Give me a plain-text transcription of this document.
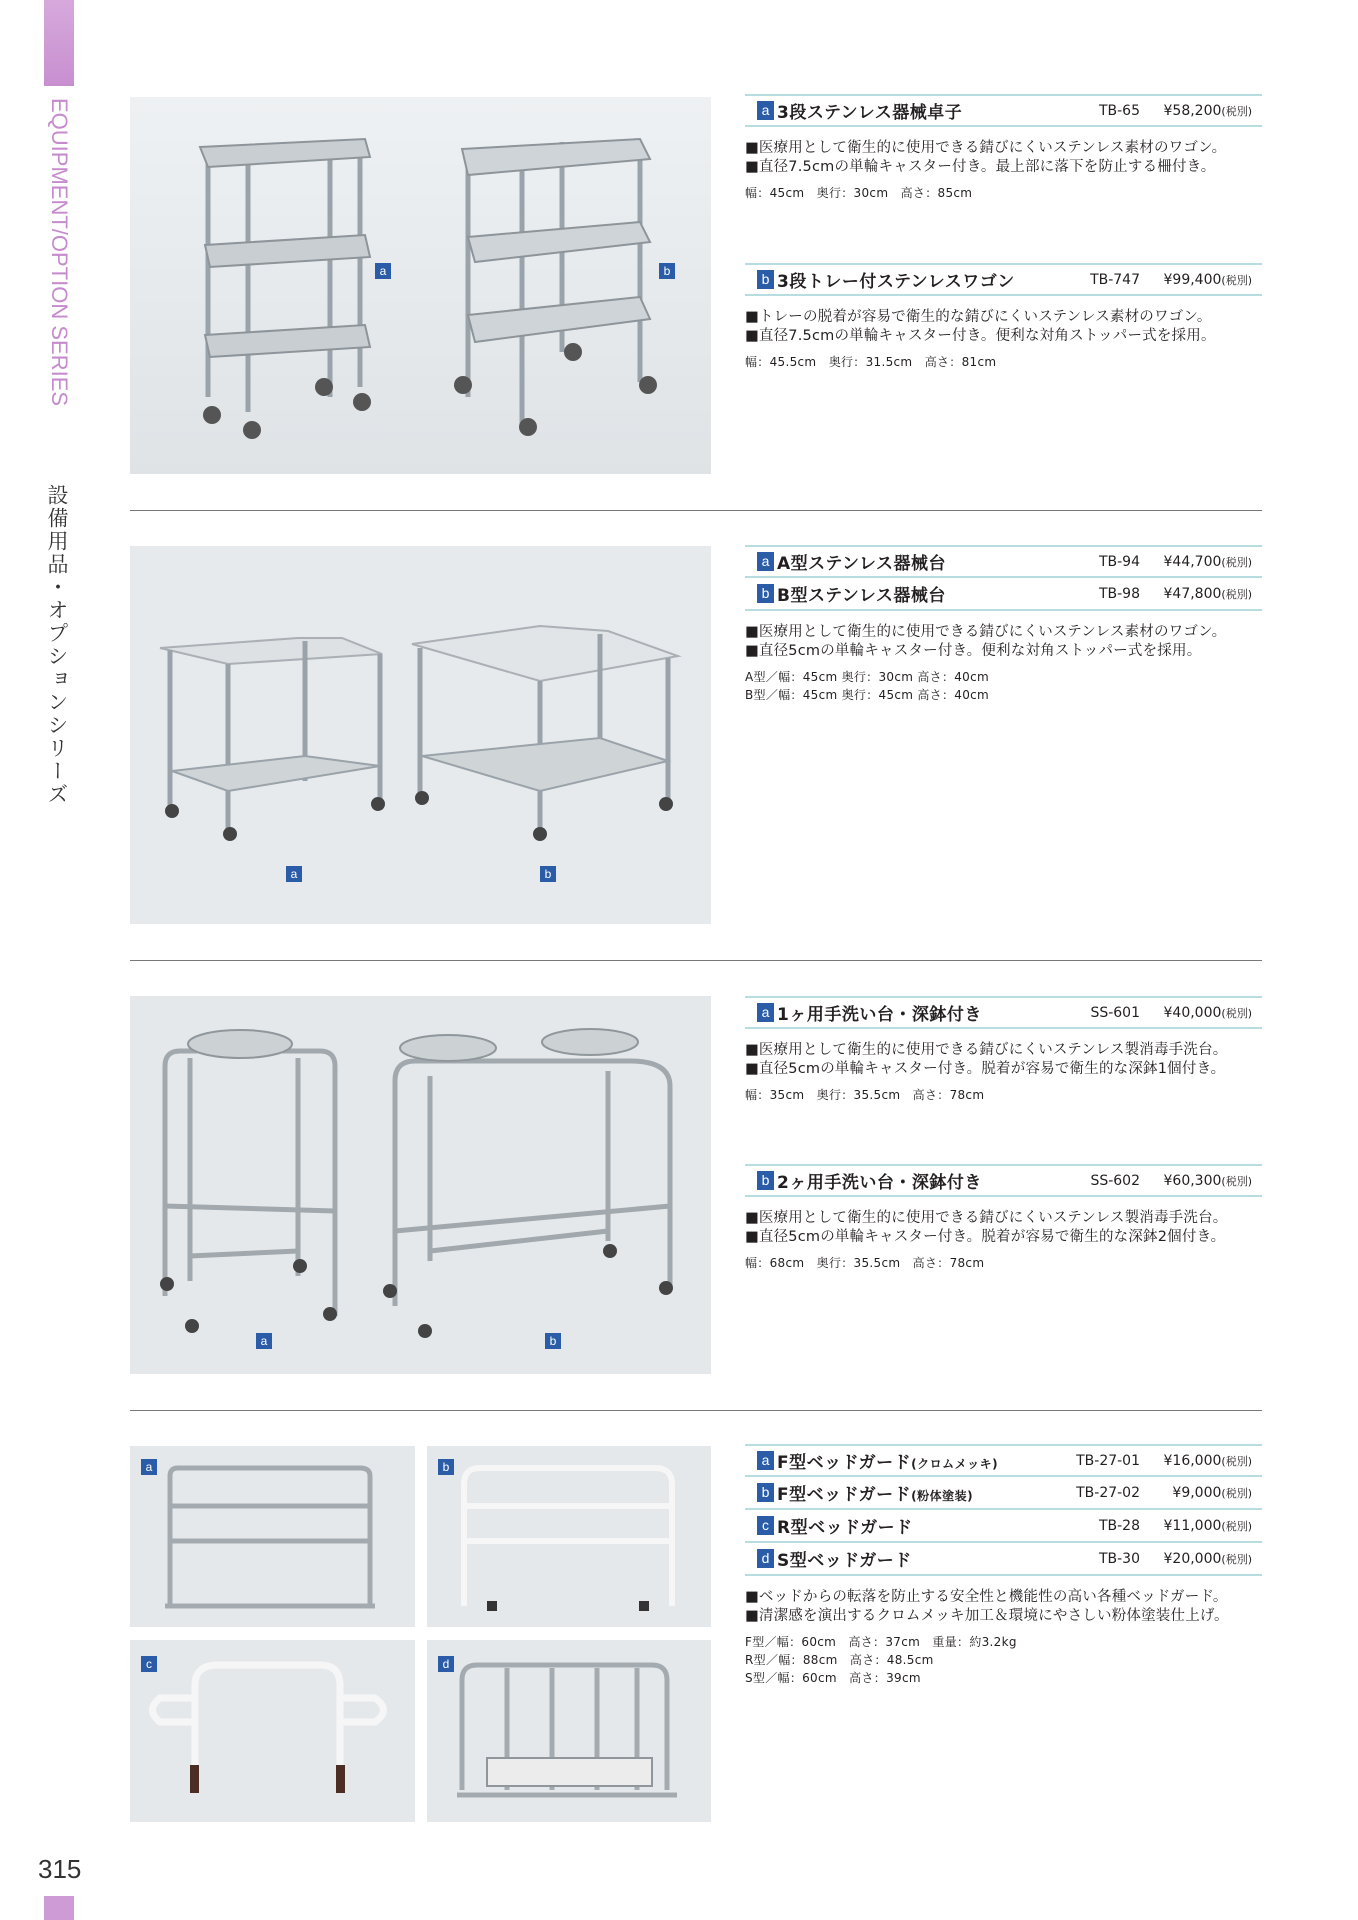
EQUIPMENT/OPTION SERIES
設備用品・オプションシリーズ
315
a	b
a 3段ステンレス器械卓子	TB-65 ¥58,200(税別)
■医療用として衛生的に使用できる錆びにくいステンレス素材のワゴン。
■直径7.5cmの単輪キャスター付き。最上部に落下を防止する柵付き。
幅：45cm　奥行：30cm　高さ：85cm
b 3段トレー付ステンレスワゴン	TB-747 ¥99,400(税別)
■トレーの脱着が容易で衛生的な錆びにくいステンレス素材のワゴン。
■直径7.5cmの単輪キャスター付き。便利な対角ストッパー式を採用。
幅：45.5cm　奥行：31.5cm　高さ：81cm
a	b
a A型ステンレス器械台	TB-94 ¥44,700(税別)
b B型ステンレス器械台	TB-98 ¥47,800(税別)
■医療用として衛生的に使用できる錆びにくいステンレス素材のワゴン。
■直径5cmの単輪キャスター付き。便利な対角ストッパー式を採用。
A型／幅：45cm 奥行：30cm 高さ：40cm
B型／幅：45cm 奥行：45cm 高さ：40cm
a	b
a 1ヶ用手洗い台・深鉢付き	SS-601 ¥40,000(税別)
■医療用として衛生的に使用できる錆びにくいステンレス製消毒手洗台。
■直径5cmの単輪キャスター付き。脱着が容易で衛生的な深鉢1個付き。
幅：35cm　奥行：35.5cm　高さ：78cm
b 2ヶ用手洗い台・深鉢付き	SS-602 ¥60,300(税別)
■医療用として衛生的に使用できる錆びにくいステンレス製消毒手洗台。
■直径5cmの単輪キャスター付き。脱着が容易で衛生的な深鉢2個付き。
幅：68cm　奥行：35.5cm　高さ：78cm
a	b
c	d
a F型ベッドガード(クロムメッキ)	TB-27-01 ¥16,000(税別)
b F型ベッドガード(粉体塗装)	TB-27-02 ¥9,000(税別)
c R型ベッドガード	TB-28 ¥11,000(税別)
d S型ベッドガード	TB-30 ¥20,000(税別)
■ベッドからの転落を防止する安全性と機能性の高い各種ベッドガード。
■清潔感を演出するクロムメッキ加工＆環境にやさしい粉体塗装仕上げ。
F型／幅：60cm　高さ：37cm　重量：約3.2kg
R型／幅：88cm　高さ：48.5cm
S型／幅：60cm　高さ：39cm
